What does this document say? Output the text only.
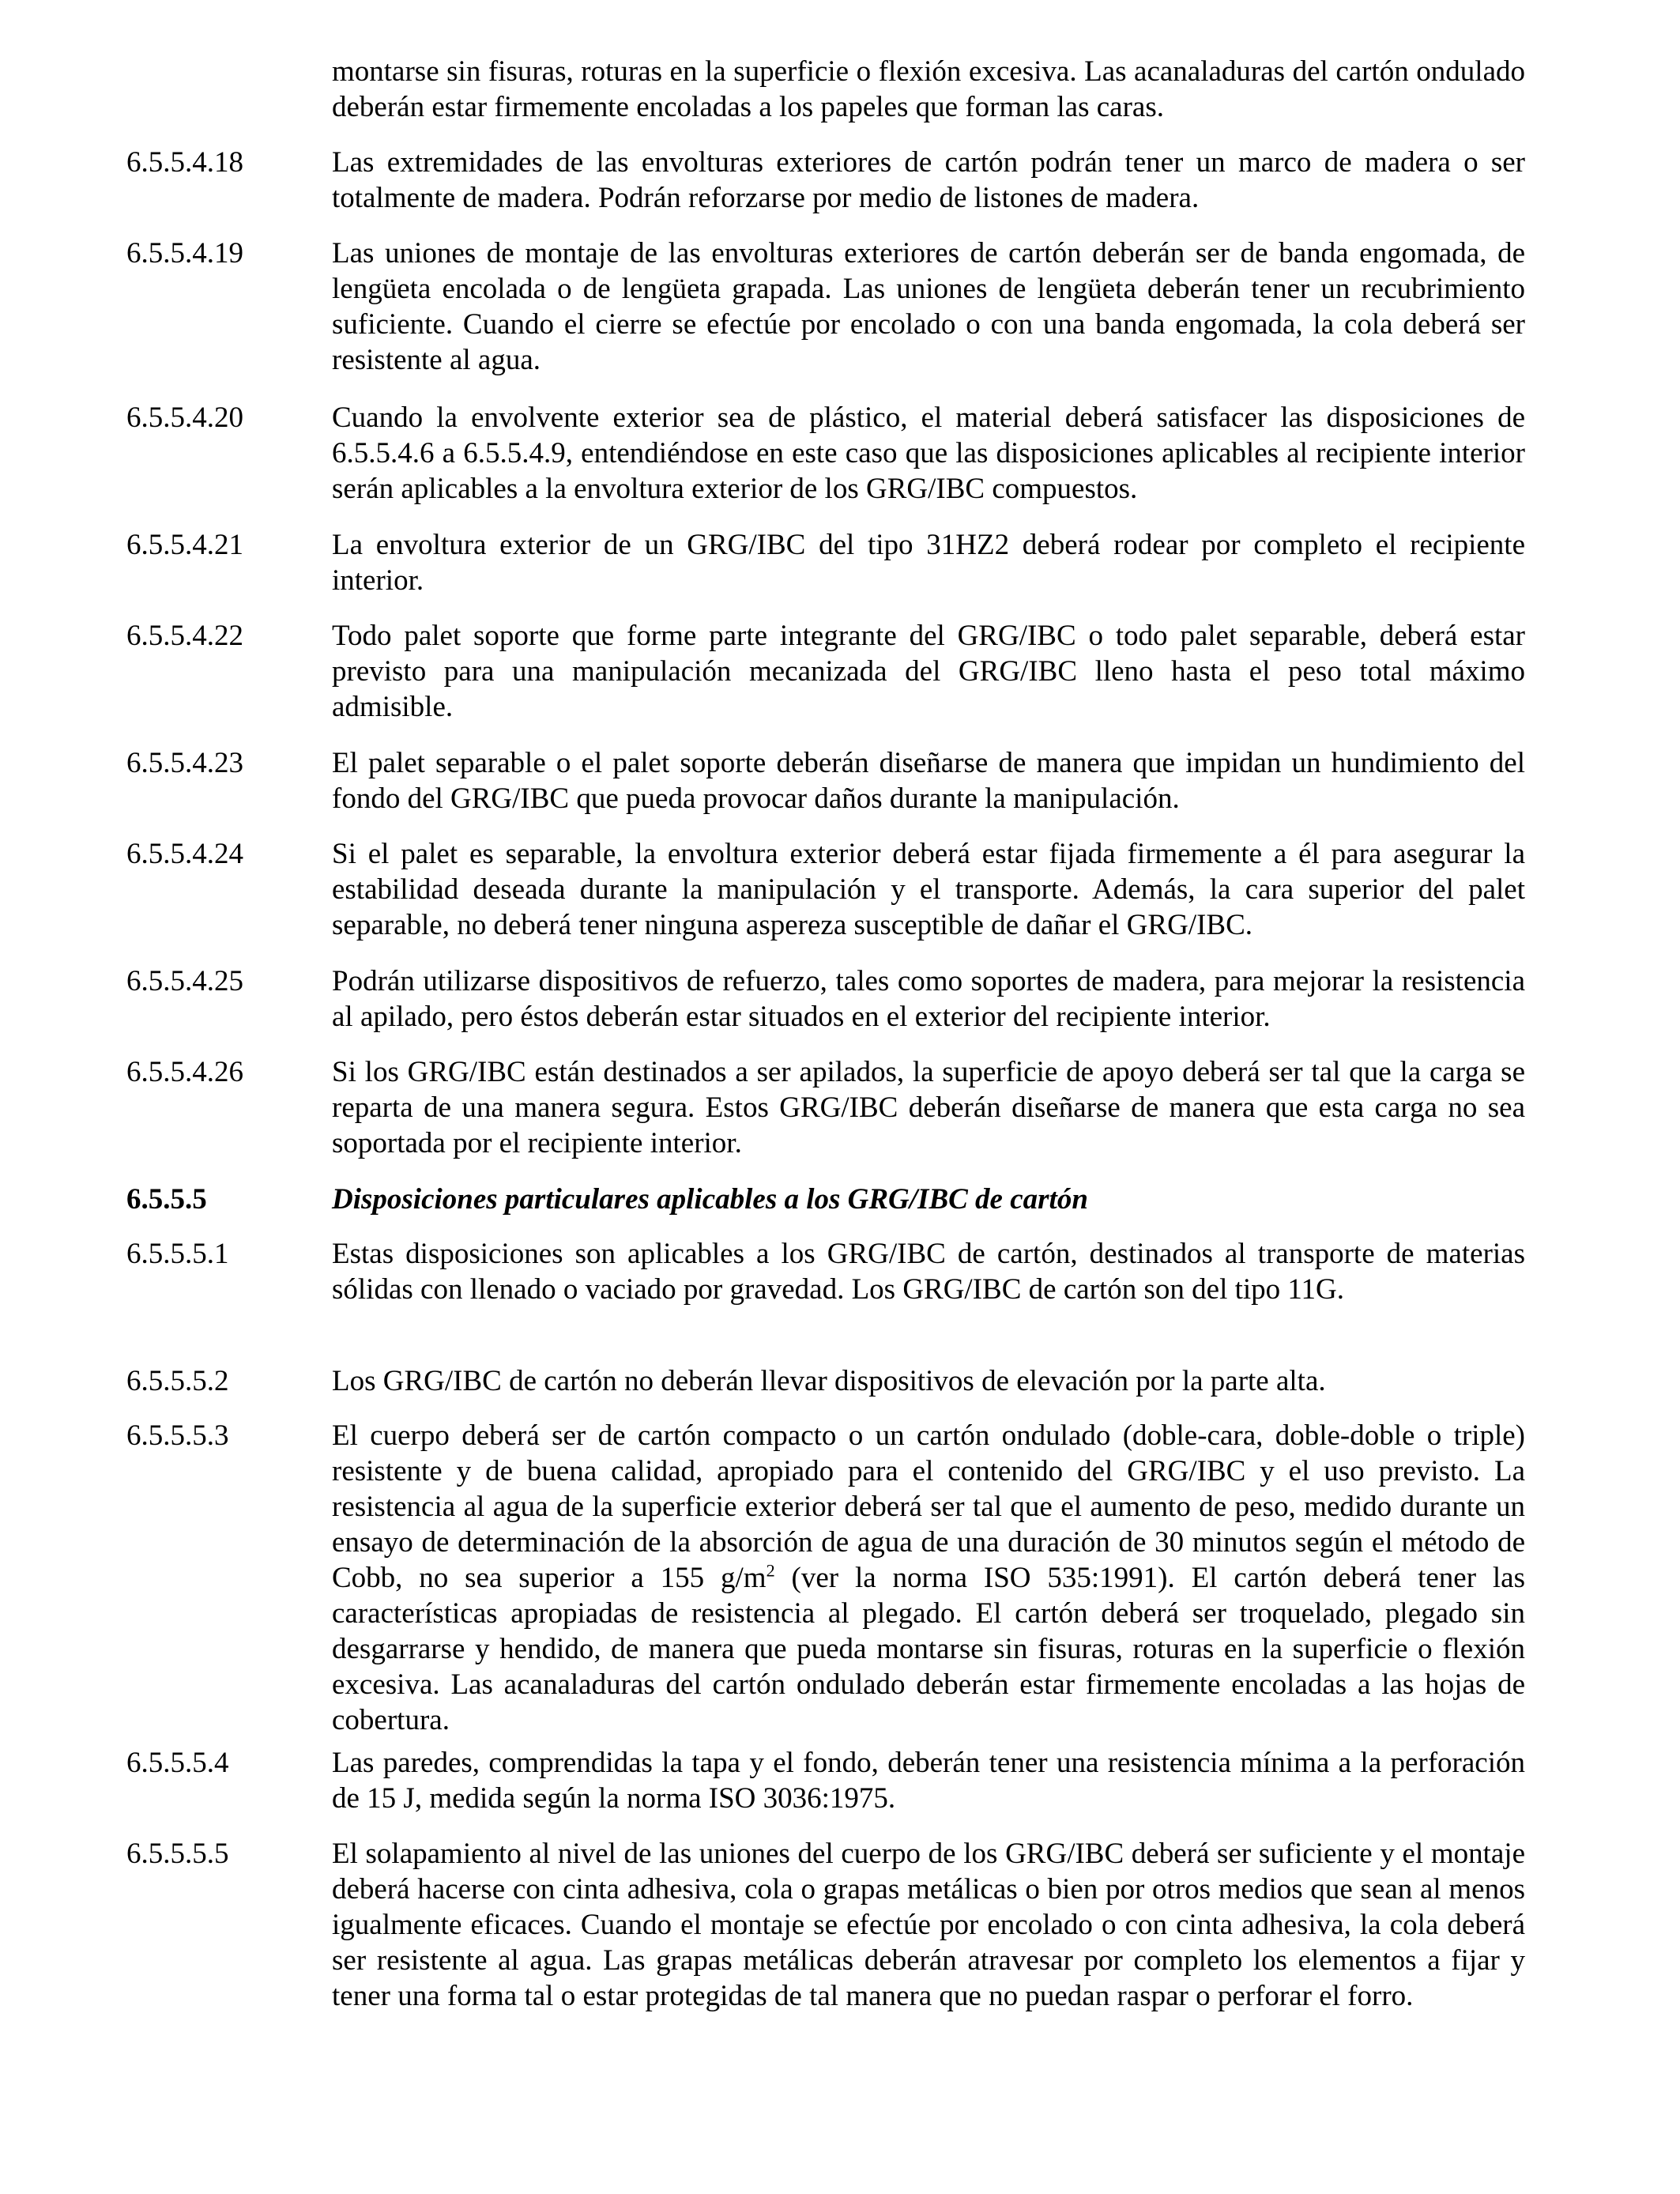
montarse sin fisuras, roturas en la superficie o flexión excesiva. Las acanaladuras del cartón ondulado deberán estar firmemente encoladas a los papeles que forman las caras.
6.5.5.4.18	Las extremidades de las envolturas exteriores de cartón podrán tener un marco de madera o ser totalmente de madera. Podrán reforzarse por medio de listones de madera.
6.5.5.4.19	Las uniones de montaje de las envolturas exteriores de cartón deberán ser de banda engomada, de lengüeta encolada o de lengüeta grapada. Las uniones de lengüeta deberán tener un recubrimiento suficiente. Cuando el cierre se efectúe por encolado o con una banda engomada, la cola deberá ser resistente al agua.
6.5.5.4.20	Cuando la envolvente exterior sea de plástico, el material deberá satisfacer las disposiciones de 6.5.5.4.6 a 6.5.5.4.9, entendiéndose en este caso que las disposiciones aplicables al recipiente interior serán aplicables a la envoltura exterior de los GRG/IBC compuestos.
6.5.5.4.21	La envoltura exterior de un GRG/IBC del tipo 31HZ2 deberá rodear por completo el recipiente interior.
6.5.5.4.22	Todo palet soporte que forme parte integrante del GRG/IBC o todo palet separable, deberá estar previsto para una manipulación mecanizada del GRG/IBC lleno hasta el peso total máximo admisible.
6.5.5.4.23	El palet separable o el palet soporte deberán diseñarse de manera que impidan un hundimiento del fondo del GRG/IBC que pueda provocar daños durante la manipulación.
6.5.5.4.24	Si el palet es separable, la envoltura exterior deberá estar fijada firmemente a él para asegurar la estabilidad deseada durante la manipulación y el transporte. Además, la cara superior del palet separable, no deberá tener ninguna aspereza susceptible de dañar el GRG/IBC.
6.5.5.4.25	Podrán utilizarse dispositivos de refuerzo, tales como soportes de madera, para mejorar la resistencia al apilado, pero éstos deberán estar situados en el exterior del recipiente interior.
6.5.5.4.26	Si los GRG/IBC están destinados a ser apilados, la superficie de apoyo deberá ser tal que la carga se reparta de una manera segura. Estos GRG/IBC deberán diseñarse de manera que esta carga no sea soportada por el recipiente interior.
6.5.5.5	Disposiciones particulares aplicables a los GRG/IBC de cartón
6.5.5.5.1	Estas disposiciones son aplicables a los GRG/IBC de cartón, destinados al transporte de materias sólidas con llenado o vaciado por gravedad. Los GRG/IBC de cartón son del tipo 11G.
6.5.5.5.2	Los GRG/IBC de cartón no deberán llevar dispositivos de elevación por la parte alta.
6.5.5.5.3	El cuerpo deberá ser de cartón compacto o un cartón ondulado (doble-cara, doble-doble o triple) resistente y de buena calidad, apropiado para el contenido del GRG/IBC y el uso previsto. La resistencia al agua de la superficie exterior deberá ser tal que el aumento de peso, medido durante un ensayo de determinación de la absorción de agua de una duración de 30 minutos según el método de Cobb, no sea superior a 155 $g/m^2$ (ver la norma ISO 535:1991). El cartón deberá tener las características apropiadas de resistencia al plegado. El cartón deberá ser troquelado, plegado sin desgarrarse y hendido, de manera que pueda montarse sin fisuras, roturas en la superficie o flexión excesiva. Las acanaladuras del cartón ondulado deberán estar firmemente encoladas a las hojas de cobertura.
6.5.5.5.4	Las paredes, comprendidas la tapa y el fondo, deberán tener una resistencia mínima a la perforación de 15 J, medida según la norma ISO 3036:1975.
6.5.5.5.5	El solapamiento al nivel de las uniones del cuerpo de los GRG/IBC deberá ser suficiente y el montaje deberá hacerse con cinta adhesiva, cola o grapas metálicas o bien por otros medios que sean al menos igualmente eficaces. Cuando el montaje se efectúe por encolado o con cinta adhesiva, la cola deberá ser resistente al agua. Las grapas metálicas deberán atravesar por completo los elementos a fijar y tener una forma tal o estar protegidas de tal manera que no puedan raspar o perforar el forro.
